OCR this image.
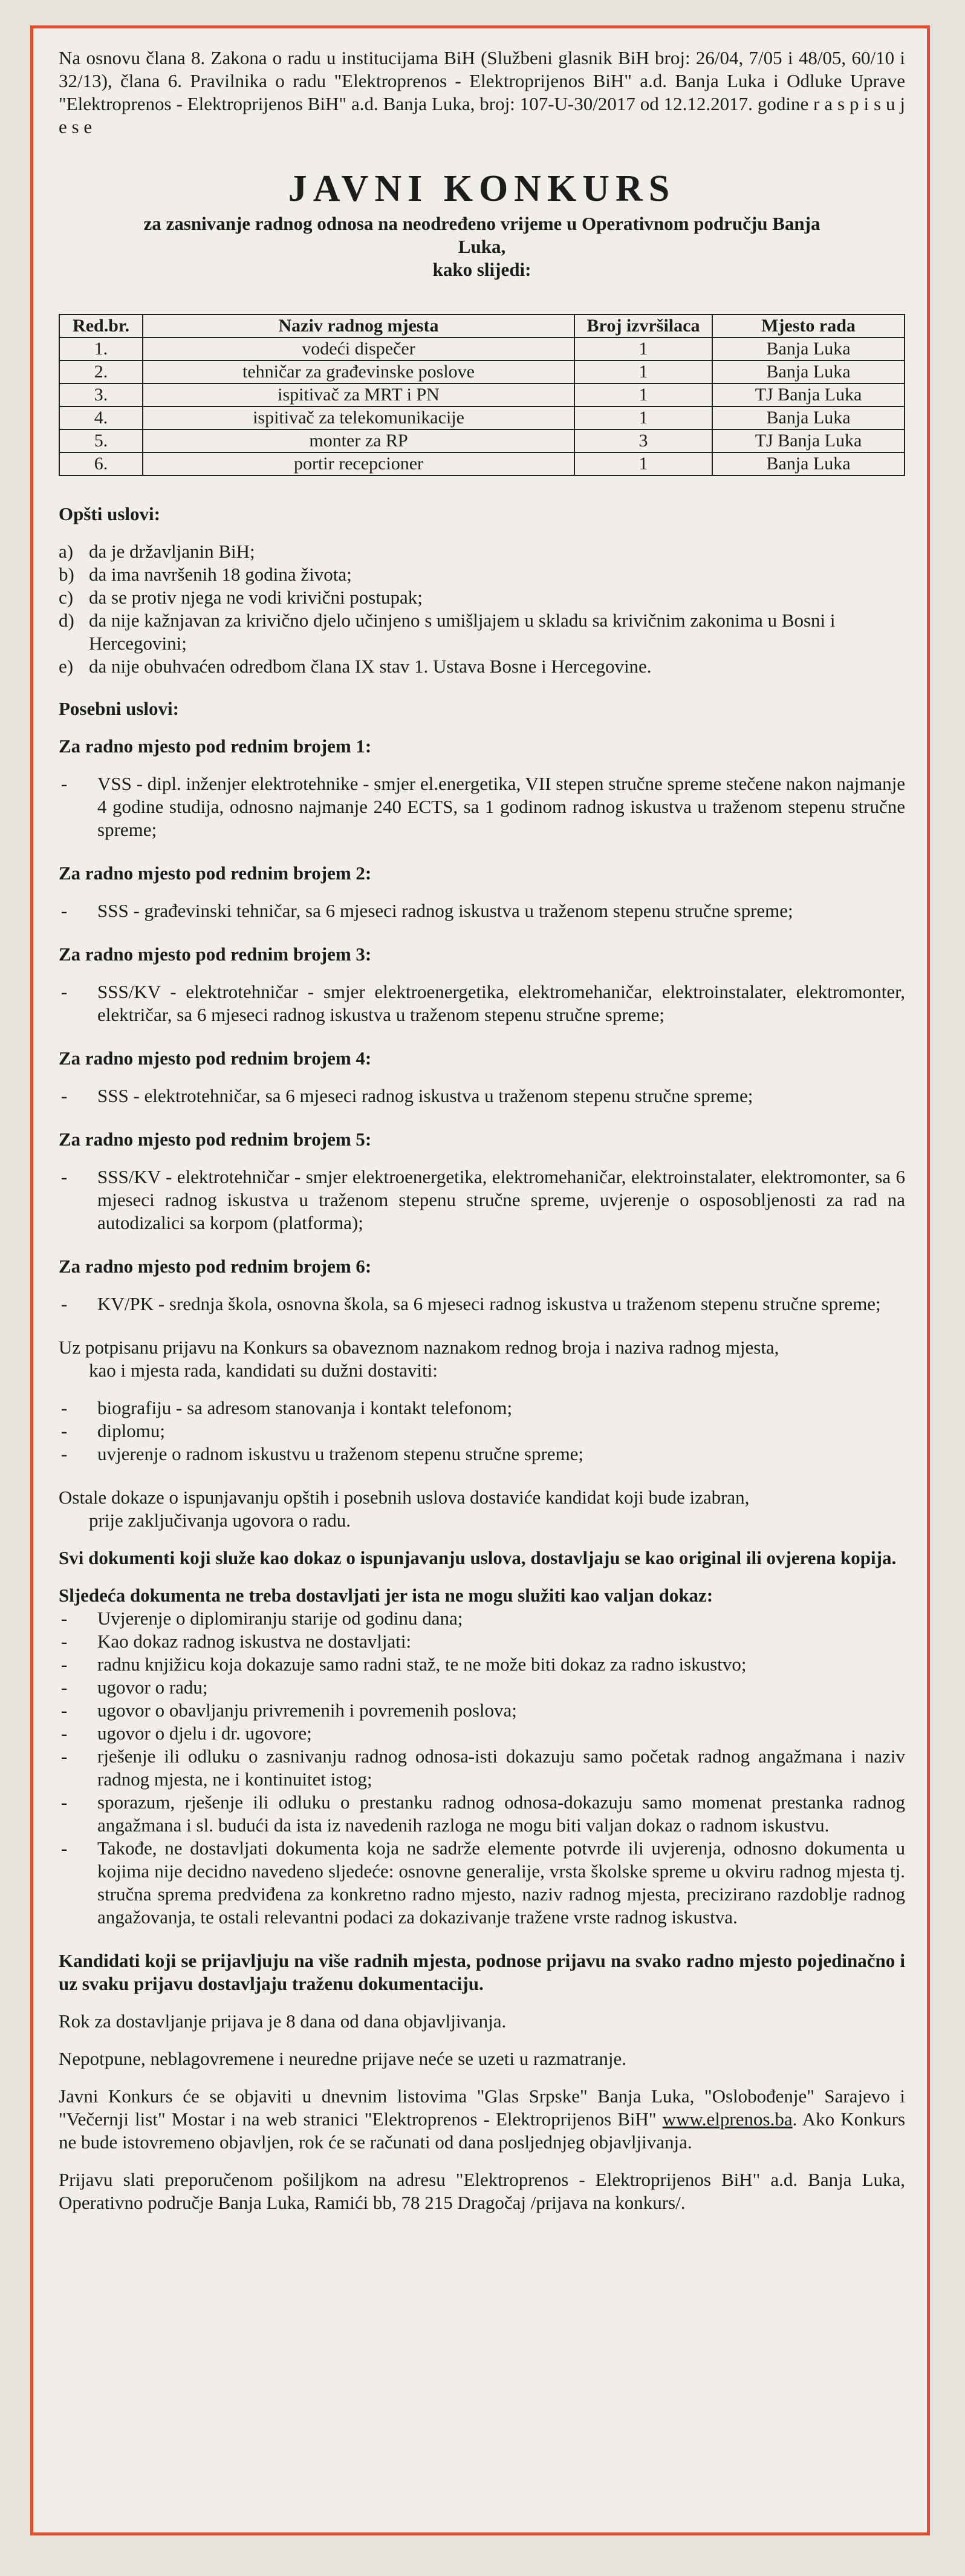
Na osnovu člana 8. Zakona o radu u institucijama BiH (Službeni glasnik BiH broj: 26/04, 7/05 i 48/05, 60/10 i 32/13), člana 6. Pravilnika o radu "Elektroprenos - Elektroprijenos BiH" a.d. Banja Luka i Odluke Uprave "Elektroprenos - Elektroprijenos BiH" a.d. Banja Luka, broj: 107-U-30/2017 od 12.12.2017. godine r a s p i s u j e s e

JAVNI KONKURS
za zasnivanje radnog odnosa na neodređeno vrijeme u Operativnom području Banja
Luka,
kako slijedi:
Red.br.	Naziv radnog mjesta	Broj izvršilaca	Mjesto rada
1.	vodeći dispečer	1	Banja Luka
2.	tehničar za građevinske poslove	1	Banja Luka
3.	ispitivač za MRT i PN	1	TJ Banja Luka
4.	ispitivač za telekomunikacije	1	Banja Luka
5.	monter za RP	3	TJ Banja Luka
6.	portir recepcioner	1	Banja Luka
Opšti uslovi:
a) da je državljanin BiH;
b) da ima navršenih 18 godina života;
c) da se protiv njega ne vodi krivični postupak;
d) da nije kažnjavan za krivično djelo učinjeno s umišljajem u skladu sa krivičnim zakonima u Bosni i Hercegovini;
e) da nije obuhvaćen odredbom člana IX stav 1. Ustava Bosne i Hercegovine.
Posebni uslovi:
Za radno mjesto pod rednim brojem 1:
-	VSS - dipl. inženjer elektrotehnike - smjer el.energetika, VII stepen stručne spreme stečene nakon najmanje 4 godine studija, odnosno najmanje 240 ECTS, sa 1 godinom radnog iskustva u traženom stepenu stručne spreme;
Za radno mjesto pod rednim brojem 2:
-	SSS - građevinski tehničar, sa 6 mjeseci radnog iskustva u traženom stepenu stručne spreme;
Za radno mjesto pod rednim brojem 3:
-	SSS/KV - elektrotehničar - smjer elektroenergetika, elektromehaničar, elektroinstalater, elektromonter, električar, sa 6 mjeseci radnog iskustva u traženom stepenu stručne spreme;
Za radno mjesto pod rednim brojem 4:
-	SSS - elektrotehničar, sa 6 mjeseci radnog iskustva u traženom stepenu stručne spreme;
Za radno mjesto pod rednim brojem 5:
-	SSS/KV - elektrotehničar - smjer elektroenergetika, elektromehaničar, elektroinstalater, elektromonter, sa 6 mjeseci radnog iskustva u traženom stepenu stručne spreme, uvjerenje o osposobljenosti za rad na autodizalici sa korpom (platforma);
Za radno mjesto pod rednim brojem 6:
-	KV/PK - srednja škola, osnovna škola, sa 6 mjeseci radnog iskustva u traženom stepenu stručne spreme;
Uz potpisanu prijavu na Konkurs sa obaveznom naznakom rednog broja i naziva radnog mjesta,
kao i mjesta rada, kandidati su dužni dostaviti:
-	biografiju - sa adresom stanovanja i kontakt telefonom;
-	diplomu;
-	uvjerenje o radnom iskustvu u traženom stepenu stručne spreme;
Ostale dokaze o ispunjavanju opštih i posebnih uslova dostaviće kandidat koji bude izabran,
prije zaključivanja ugovora o radu.
Svi dokumenti koji služe kao dokaz o ispunjavanju uslova, dostavljaju se kao original ili ovjerena kopija.
Sljedeća dokumenta ne treba dostavljati jer ista ne mogu služiti kao valjan dokaz:
-	Uvjerenje o diplomiranju starije od godinu dana;
-	Kao dokaz radnog iskustva ne dostavljati:
-	radnu knjižicu koja dokazuje samo radni staž, te ne može biti dokaz za radno iskustvo;
-	ugovor o radu;
-	ugovor o obavljanju privremenih i povremenih poslova;
-	ugovor o djelu i dr. ugovore;
-	rješenje ili odluku o zasnivanju radnog odnosa-isti dokazuju samo početak radnog angažmana i naziv radnog mjesta, ne i kontinuitet istog;
-	sporazum, rješenje ili odluku o prestanku radnog odnosa-dokazuju samo momenat prestanka radnog angažmana i sl. budući da ista iz navedenih razloga ne mogu biti valjan dokaz o radnom iskustvu.
-	Takođe, ne dostavljati dokumenta koja ne sadrže elemente potvrde ili uvjerenja, odnosno dokumenta u kojima nije decidno navedeno sljedeće: osnovne generalije, vrsta školske spreme u okviru radnog mjesta tj. stručna sprema predviđena za konkretno radno mjesto, naziv radnog mjesta, precizirano razdoblje radnog angažovanja, te ostali relevantni podaci za dokazivanje tražene vrste radnog iskustva.
Kandidati koji se prijavljuju na više radnih mjesta, podnose prijavu na svako radno mjesto pojedinačno i uz svaku prijavu dostavljaju traženu dokumentaciju.
Rok za dostavljanje prijava je 8 dana od dana objavljivanja.
Nepotpune, neblagovremene i neuredne prijave neće se uzeti u razmatranje.
Javni Konkurs će se objaviti u dnevnim listovima "Glas Srpske" Banja Luka, "Oslobođenje" Sarajevo i "Večernji list" Mostar i na web stranici "Elektroprenos - Elektroprijenos BiH" www.elprenos.ba. Ako Konkurs ne bude istovremeno objavljen, rok će se računati od dana posljednjeg objavljivanja.
Prijavu slati preporučenom pošiljkom na adresu "Elektroprenos - Elektroprijenos BiH" a.d. Banja Luka, Operativno područje Banja Luka, Ramići bb, 78 215 Dragočaj /prijava na konkurs/.
